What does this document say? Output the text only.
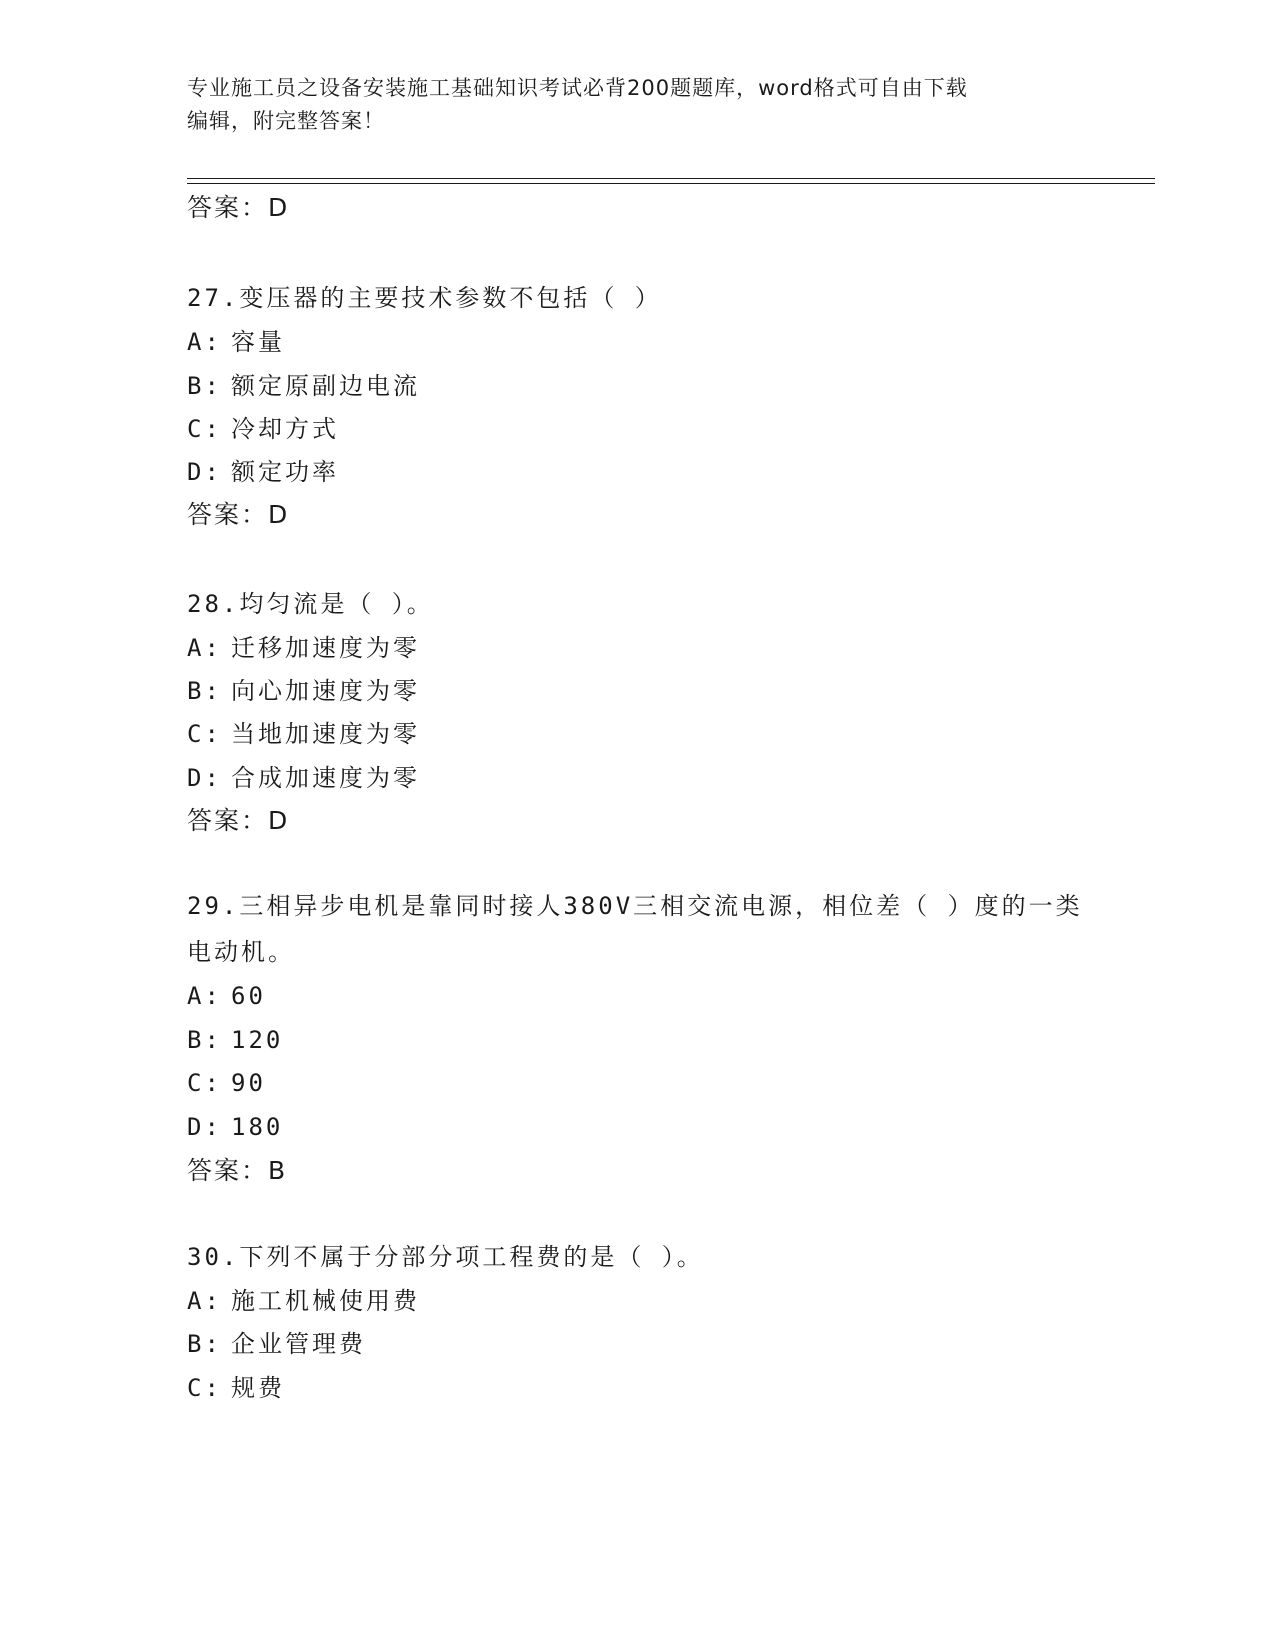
专业施工员之设备安装施工基础知识考试必背200题题库，word格式可自由下载
编辑，附完整答案！
答案：D
27.变压器的主要技术参数不包括（ ）
A: 容量
B: 额定原副边电流
C: 冷却方式
D: 额定功率
答案：D
28.均匀流是（ ）。
A: 迁移加速度为零
B: 向心加速度为零
C: 当地加速度为零
D: 合成加速度为零
答案：D
29.三相异步电机是靠同时接人380V三相交流电源，相位差（ ）度的一类电动机。
A: 60
B: 120
C: 90
D: 180
答案：B
30.下列不属于分部分项工程费的是（ ）。
A: 施工机械使用费
B: 企业管理费
C: 规费
